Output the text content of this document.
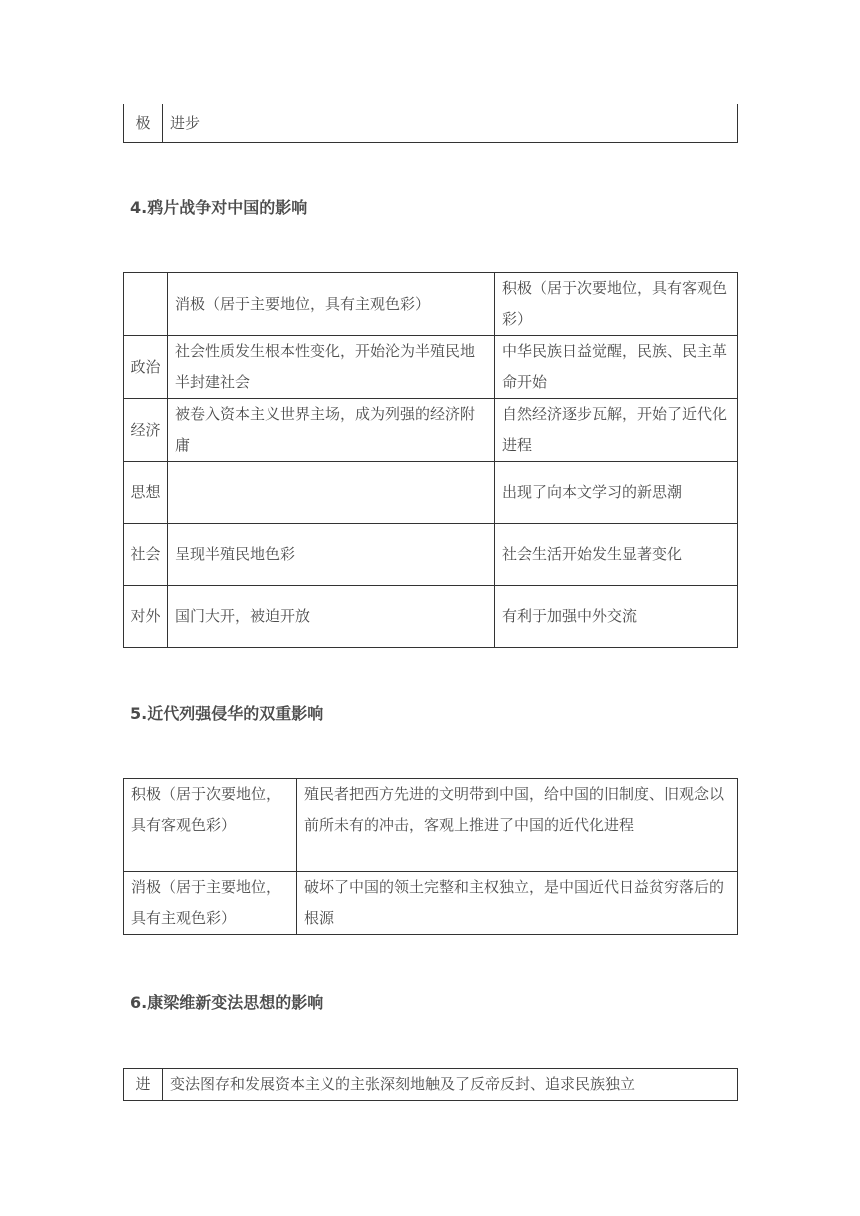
极	进步
4.鸦片战争对中国的影响
	消极（居于主要地位，具有主观色彩）	积极（居于次要地位，具有客观色彩）
政治	社会性质发生根本性变化，开始沦为半殖民地半封建社会	中华民族日益觉醒，民族、民主革命开始
经济	被卷入资本主义世界主场，成为列强的经济附庸	自然经济逐步瓦解，开始了近代化进程
思想		出现了向本文学习的新思潮
社会	呈现半殖民地色彩	社会生活开始发生显著变化
对外	国门大开，被迫开放	有利于加强中外交流
5.近代列强侵华的双重影响
积极（居于次要地位，具有客观色彩）	殖民者把西方先进的文明带到中国，给中国的旧制度、旧观念以前所未有的冲击，客观上推进了中国的近代化进程
消极（居于主要地位，具有主观色彩）	破坏了中国的领土完整和主权独立，是中国近代日益贫穷落后的根源
6.康梁维新变法思想的影响
进	变法图存和发展资本主义的主张深刻地触及了反帝反封、追求民族独立
